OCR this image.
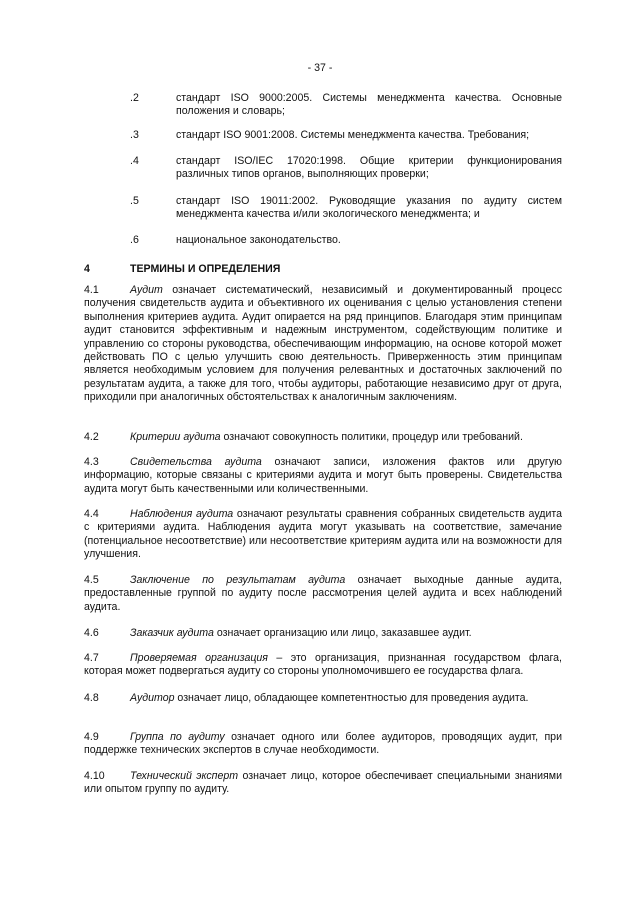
- 37 -
.2	стандарт ISO 9000:2005. Системы менеджмента качества. Основные положения и словарь;
.3	стандарт ISO 9001:2008. Системы менеджмента качества. Требования;
.4	стандарт ISO/IEC 17020:1998. Общие критерии функционирования различных типов органов, выполняющих проверки;
.5	стандарт ISO 19011:2002. Руководящие указания по аудиту систем менеджмента качества и/или экологического менеджмента; и
.6	национальное законодательство.
4	ТЕРМИНЫ И ОПРЕДЕЛЕНИЯ
4.1	Аудит означает систематический, независимый и документированный процесс получения свидетельств аудита и объективного их оценивания с целью установления степени выполнения критериев аудита. Аудит опирается на ряд принципов. Благодаря этим принципам аудит становится эффективным и надежным инструментом, содействующим политике и управлению со стороны руководства, обеспечивающим информацию, на основе которой может действовать ПО с целью улучшить свою деятельность. Приверженность этим принципам является необходимым условием для получения релевантных и достаточных заключений по результатам аудита, а также для того, чтобы аудиторы, работающие независимо друг от друга, приходили при аналогичных обстоятельствах к аналогичным заключениям.
4.2	Критерии аудита означают совокупность политики, процедур или требований.
4.3	Свидетельства аудита означают записи, изложения фактов или другую информацию, которые связаны с критериями аудита и могут быть проверены. Свидетельства аудита могут быть качественными или количественными.
4.4	Наблюдения аудита означают результаты сравнения собранных свидетельств аудита с критериями аудита. Наблюдения аудита могут указывать на соответствие, замечание (потенциальное несоответствие) или несоответствие критериям аудита или на возможности для улучшения.
4.5	Заключение по результатам аудита означает выходные данные аудита, предоставленные группой по аудиту после рассмотрения целей аудита и всех наблюдений аудита.
4.6	Заказчик аудита означает организацию или лицо, заказавшее аудит.
4.7	Проверяемая организация – это организация, признанная государством флага, которая может подвергаться аудиту со стороны уполномочившего ее государства флага.
4.8	Аудитор означает лицо, обладающее компетентностью для проведения аудита.
4.9	Группа по аудиту означает одного или более аудиторов, проводящих аудит, при поддержке технических экспертов в случае необходимости.
4.10	Технический эксперт означает лицо, которое обеспечивает специальными знаниями или опытом группу по аудиту.
